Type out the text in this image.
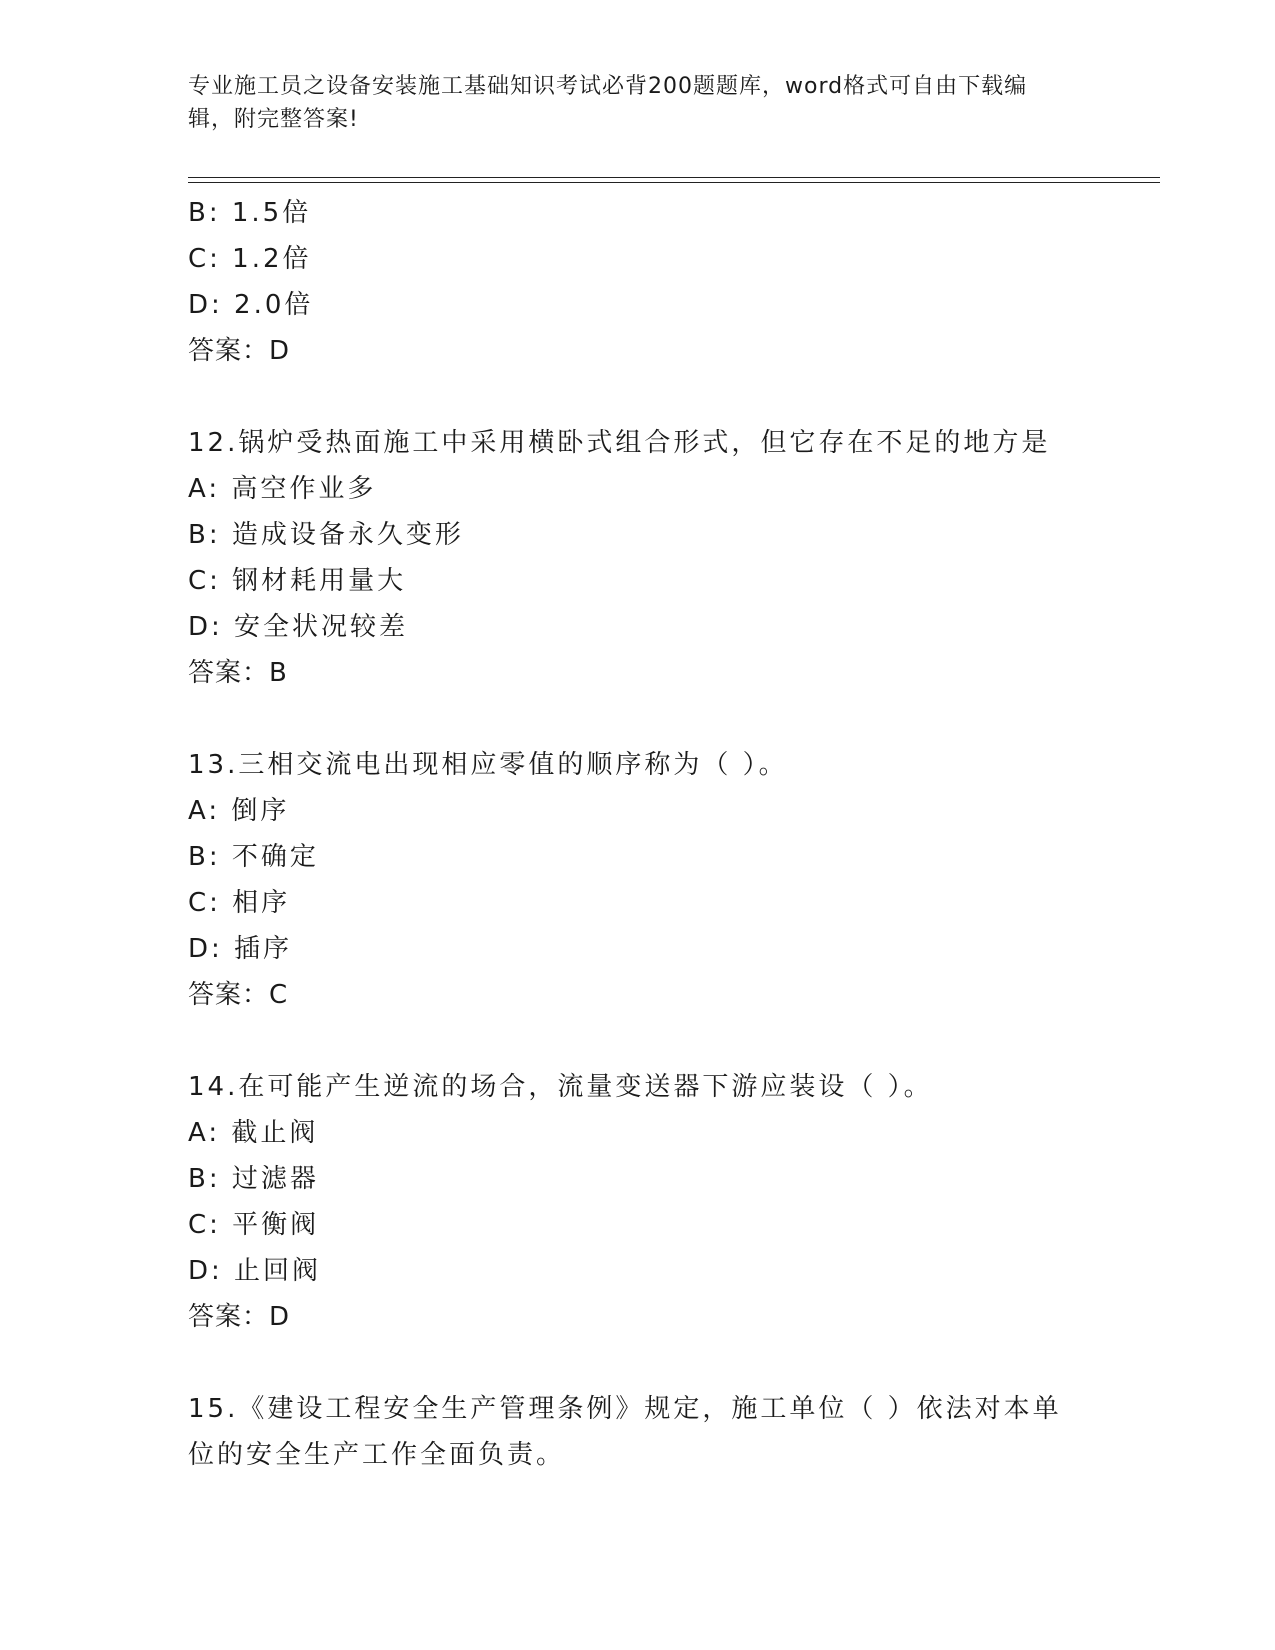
专业施工员之设备安装施工基础知识考试必背200题题库，word格式可自由下载编辑，附完整答案!
B: 1.5倍
C: 1.2倍
D: 2.0倍
答案：D
12.锅炉受热面施工中采用横卧式组合形式，但它存在不足的地方是
A: 高空作业多
B: 造成设备永久变形
C: 钢材耗用量大
D: 安全状况较差
答案：B
13.三相交流电出现相应零值的顺序称为（ ）。
A: 倒序
B: 不确定
C: 相序
D: 插序
答案：C
14.在可能产生逆流的场合，流量变送器下游应装设（ ）。
A: 截止阀
B: 过滤器
C: 平衡阀
D: 止回阀
答案：D
15.《建设工程安全生产管理条例》规定，施工单位（ ）依法对本单位的安全生产工作全面负责。
